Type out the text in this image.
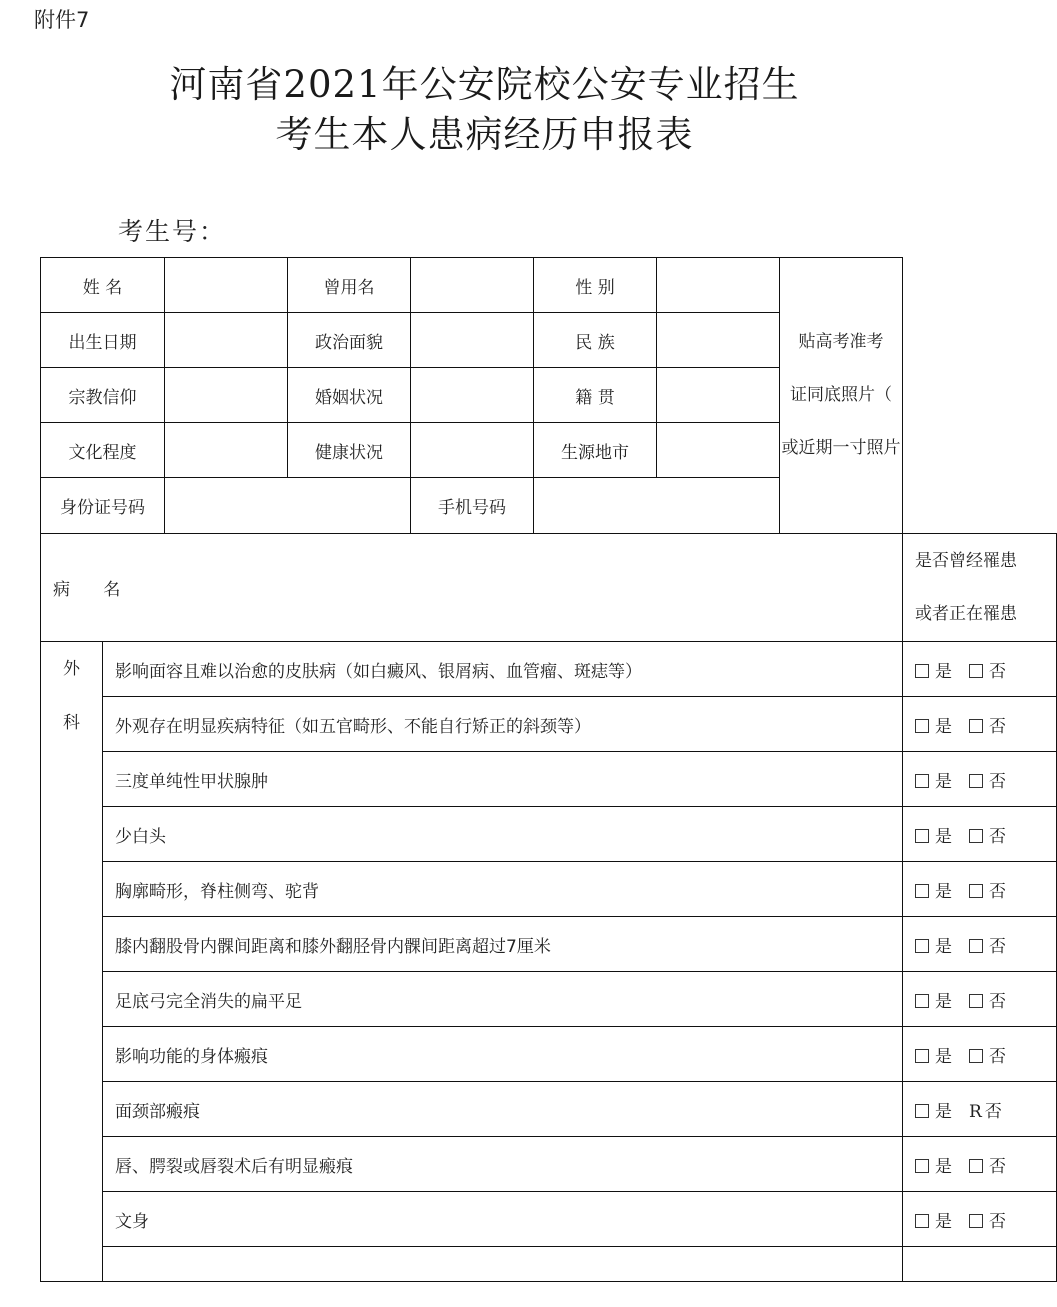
附件7
河南省2021年公安院校公安专业招生
考生本人患病经历申报表
考生号：
姓 名			曾用名		性 别		贴高考准考
证同底照片（
或近期一寸照片	

出生日期			政治面貌		民 族			
宗教信仰			婚姻状况		籍 贯			
文化程度			健康状况		生源地市			
身份证号码				手机号码				
病 名								是否曾经罹患
或者正在罹患

外
科	影响面容且难以治愈的皮肤病（如白癜风、银屑病、血管瘤、斑痣等）							是 否
	外观存在明显疾病特征（如五官畸形、不能自行矫正的斜颈等）							是 否
	三度单纯性甲状腺肿							是 否
	少白头							是 否
	胸廓畸形，脊柱侧弯、驼背							是 否
	膝内翻股骨内髁间距离和膝外翻胫骨内髁间距离超过7厘米							是 否
	足底弓完全消失的扁平足							是 否
	影响功能的身体瘢痕							是 否
	面颈部瘢痕							是 R 否
	唇、腭裂或唇裂术后有明显瘢痕							是 否
	文身							是 否
